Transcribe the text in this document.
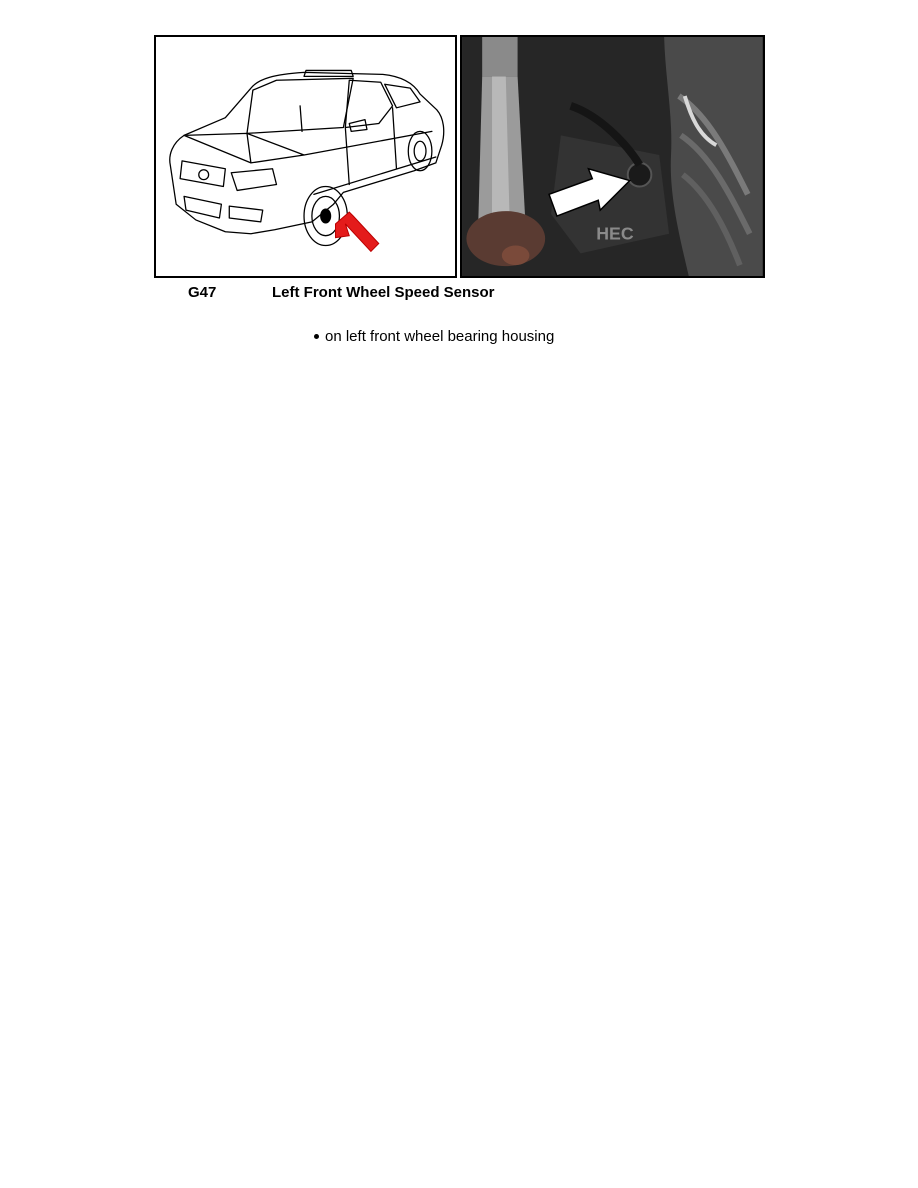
HEC
G47	Left Front Wheel Speed Sensor
on left front wheel bearing housing
